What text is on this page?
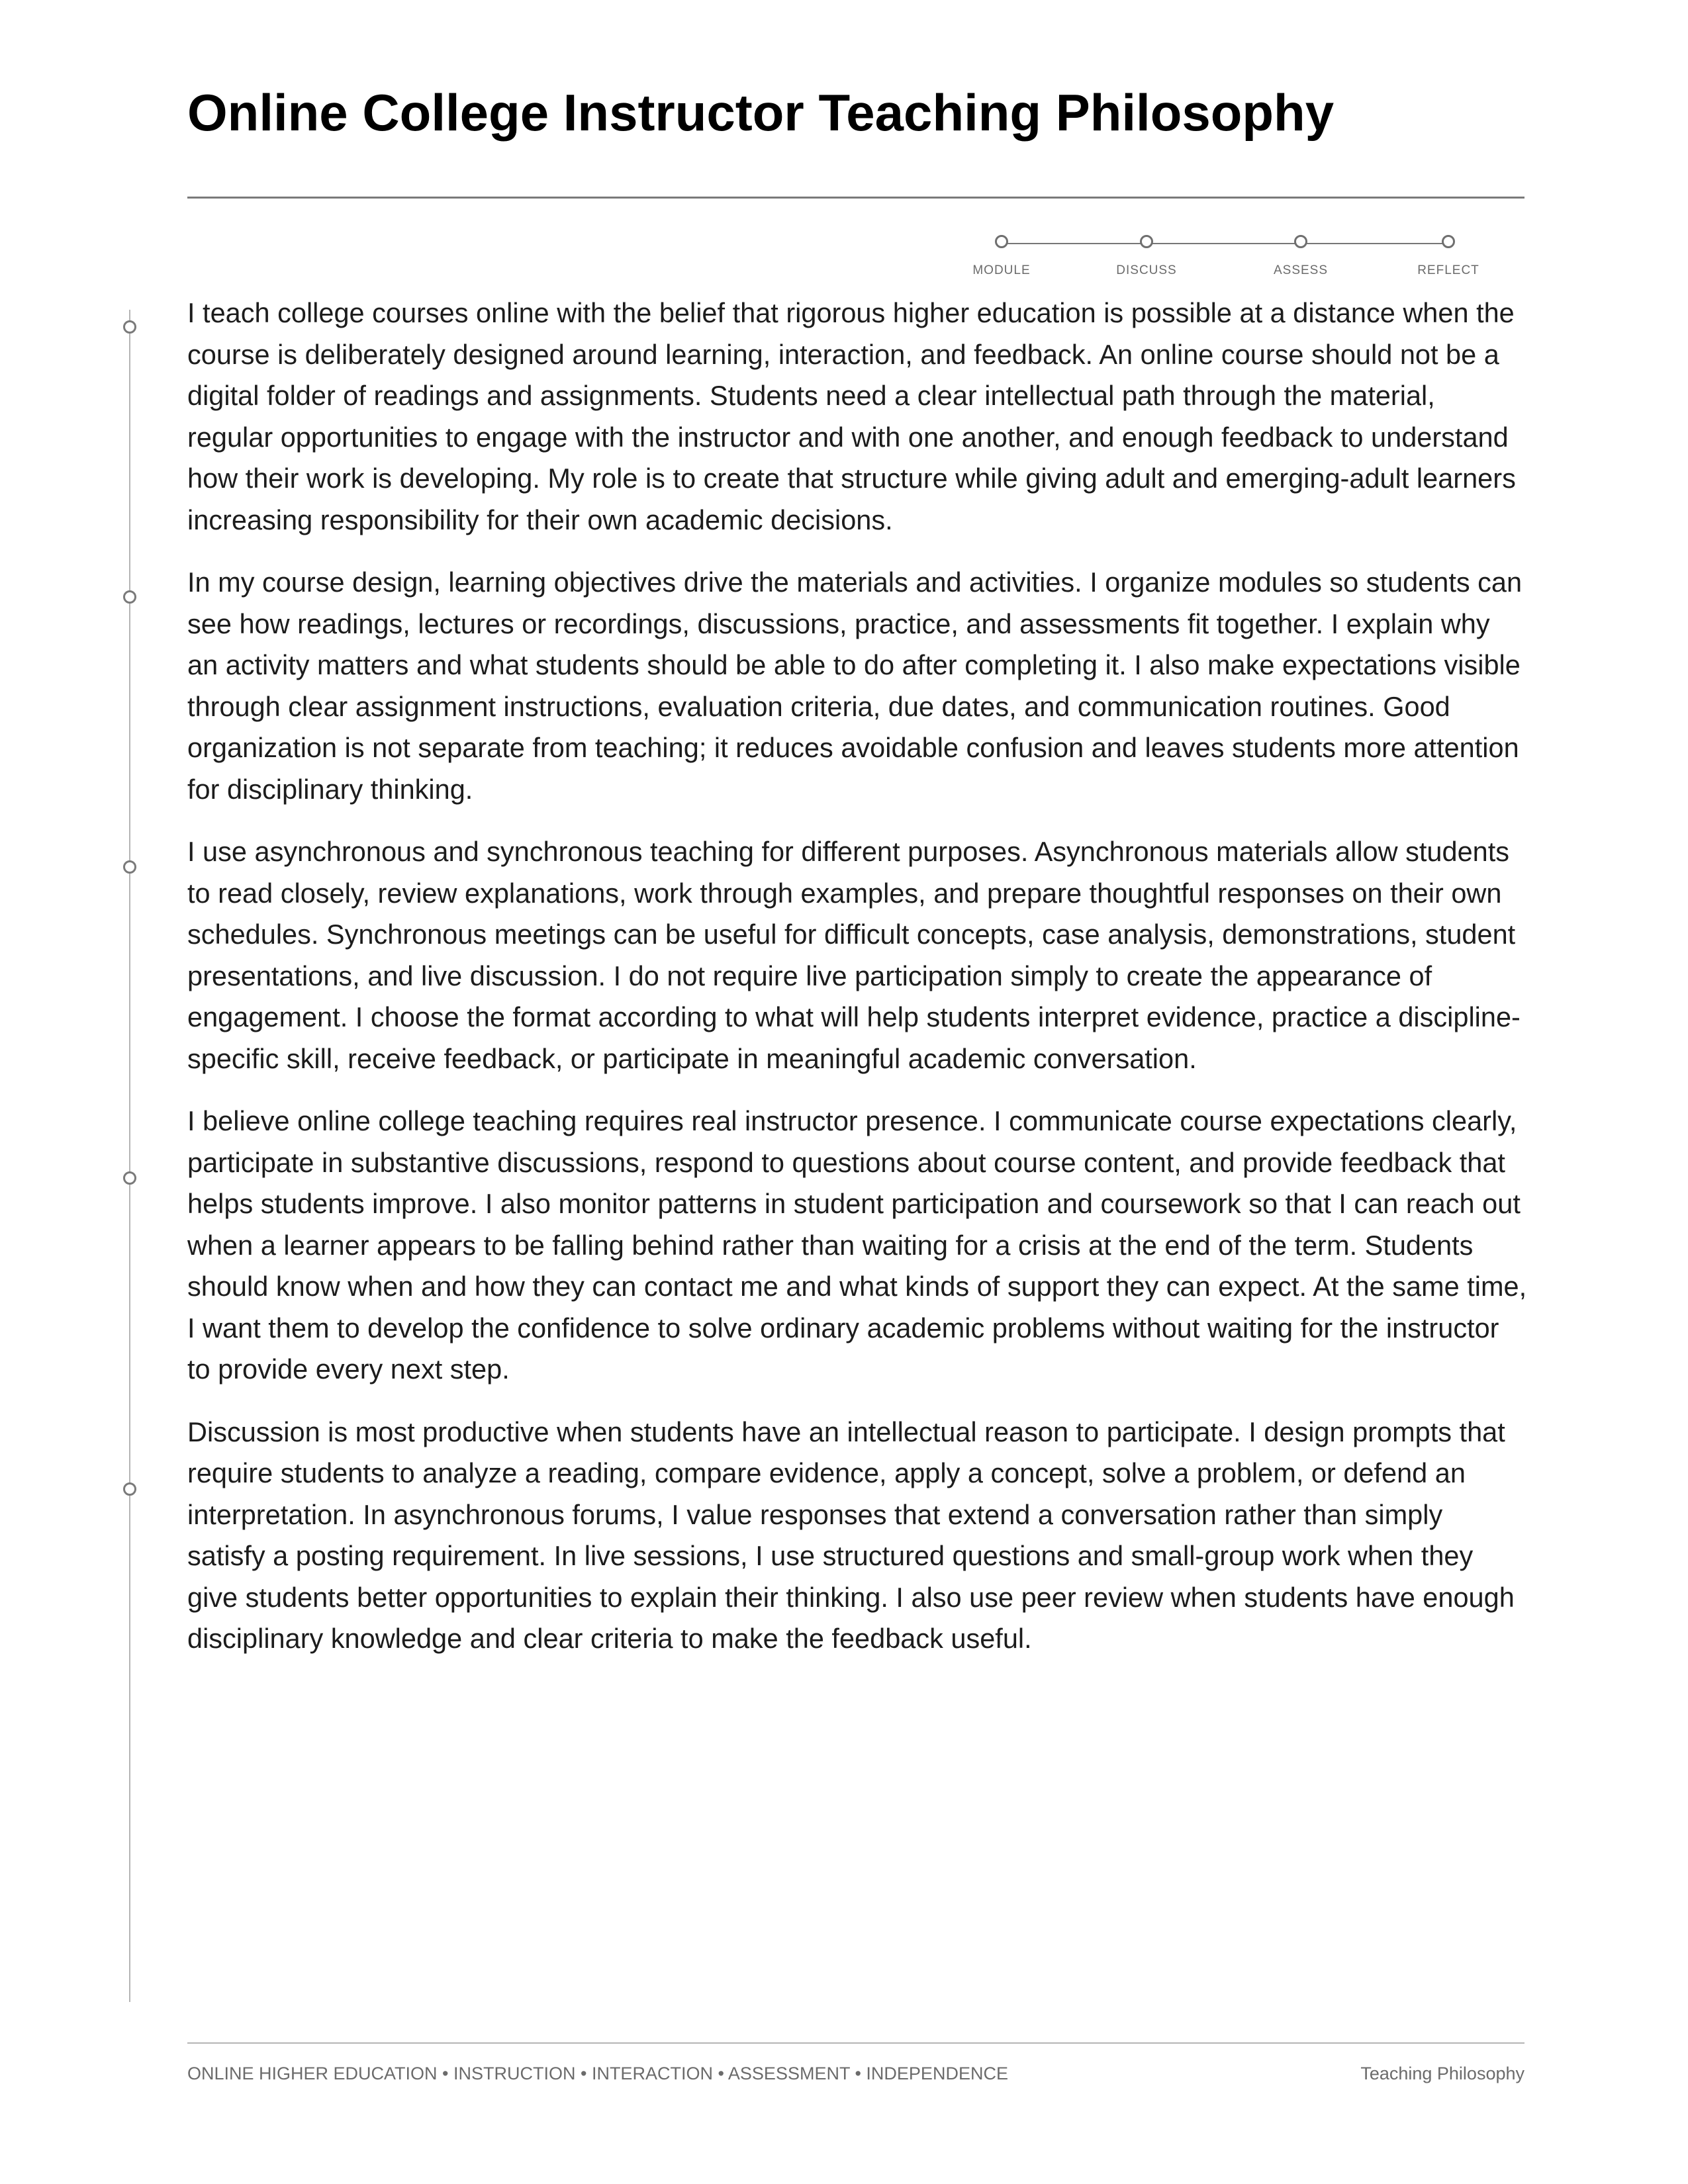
Online College Instructor Teaching Philosophy
MODULE	DISCUSS	ASSESS	REFLECT

I teach college courses online with the belief that rigorous higher education is possible at a distance when the course is deliberately designed around learning, interaction, and feedback. An online course should not be a digital folder of readings and assignments. Students need a clear intellectual path through the material, regular opportunities to engage with the instructor and with one another, and enough feedback to understand how their work is developing. My role is to create that structure while giving adult and emerging-adult learners increasing responsibility for their own academic decisions.

In my course design, learning objectives drive the materials and activities. I organize modules so students can see how readings, lectures or recordings, discussions, practice, and assessments fit together. I explain why an activity matters and what students should be able to do after completing it. I also make expectations visible through clear assignment instructions, evaluation criteria, due dates, and communication routines. Good organization is not separate from teaching; it reduces avoidable confusion and leaves students more attention for disciplinary thinking.

I use asynchronous and synchronous teaching for different purposes. Asynchronous materials allow students to read closely, review explanations, work through examples, and prepare thoughtful responses on their own schedules. Synchronous meetings can be useful for difficult concepts, case analysis, demonstrations, student presentations, and live discussion. I do not require live participation simply to create the appearance of engagement. I choose the format according to what will help students interpret evidence, practice a discipline-specific skill, receive feedback, or participate in meaningful academic conversation.

I believe online college teaching requires real instructor presence. I communicate course expectations clearly, participate in substantive discussions, respond to questions about course content, and provide feedback that helps students improve. I also monitor patterns in student participation and coursework so that I can reach out when a learner appears to be falling behind rather than waiting for a crisis at the end of the term. Students should know when and how they can contact me and what kinds of support they can expect. At the same time, I want them to develop the confidence to solve ordinary academic problems without waiting for the instructor to provide every next step.

Discussion is most productive when students have an intellectual reason to participate. I design prompts that require students to analyze a reading, compare evidence, apply a concept, solve a problem, or defend an interpretation. In asynchronous forums, I value responses that extend a conversation rather than simply satisfy a posting requirement. In live sessions, I use structured questions and small-group work when they give students better opportunities to explain their thinking. I also use peer review when students have enough disciplinary knowledge and clear criteria to make the feedback useful.

ONLINE HIGHER EDUCATION • INSTRUCTION • INTERACTION • ASSESSMENT • INDEPENDENCE	Teaching Philosophy
